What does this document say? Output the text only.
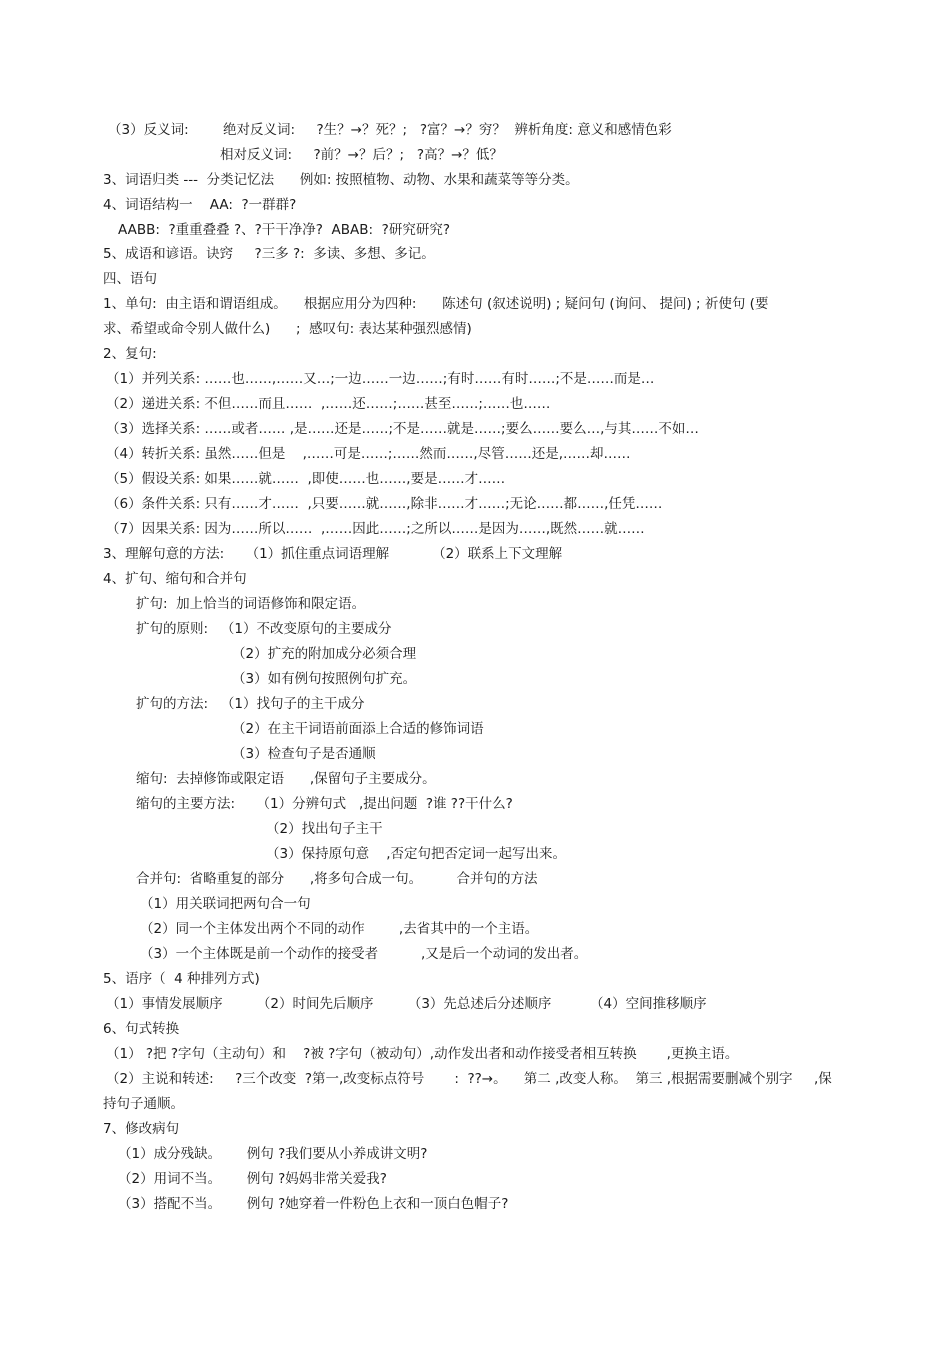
（3）反义词:        绝对反义词:     ?生？→？死？;   ?富？→？穷？  辨析角度: 意义和感情色彩
相对反义词:     ?前？→？后？;   ?高？→？低？
3、词语归类 ---  分类记忆法      例如: 按照植物、动物、水果和蔬菜等等分类。
4、词语结构一    AA:  ?一群群?
AABB:  ?重重叠叠 ?、?干干净净?  ABAB:  ?研究研究?
5、成语和谚语。诀窍     ?三多 ?:  多读、多想、多记。
四、语句
1、单句:  由主语和谓语组成。    根据应用分为四种:      陈述句 (叙述说明) ; 疑问句 (询问、 提问) ; 祈使句 (要
求、希望或命令别人做什么)      ;  感叹句: 表达某种强烈感情)
2、复句:
（1）并列关系: ……也……,……又…;一边……一边……;有时……有时……;不是……而是…
（2）递进关系: 不但……而且……  ,……还……;……甚至……;……也……
（3）选择关系: ……或者…… ,是……还是……;不是……就是……;要么……要么…,与其……不如…
（4）转折关系: 虽然……但是    ,……可是……;……然而……,尽管……还是,……却……
（5）假设关系: 如果……就……  ,即使……也……,要是……才……
（6）条件关系: 只有……才……  ,只要……就……,除非……才……;无论……都……,任凭……
（7）因果关系: 因为……所以……  ,……因此……;之所以……是因为……,既然……就……
3、理解句意的方法:     （1）抓住重点词语理解          （2）联系上下文理解
4、扩句、缩句和合并句
扩句:  加上恰当的词语修饰和限定语。
扩句的原则:   （1）不改变原句的主要成分
（2）扩充的附加成分必须合理
（3）如有例句按照例句扩充。
扩句的方法:   （1）找句子的主干成分
（2）在主干词语前面添上合适的修饰词语
（3）检查句子是否通顺
缩句:  去掉修饰或限定语      ,保留句子主要成分。
缩句的主要方法:     （1）分辨句式   ,提出问题  ?谁 ??干什么?
（2）找出句子主干
（3）保持原句意    ,否定句把否定词一起写出来。
合并句:  省略重复的部分      ,将多句合成一句。        合并句的方法
（1）用关联词把两句合一句
（2）同一个主体发出两个不同的动作        ,去省其中的一个主语。
（3）一个主体既是前一个动作的接受者          ,又是后一个动词的发出者。
5、语序（  4 种排列方式)
（1）事情发展顺序        （2）时间先后顺序        （3）先总述后分述顺序         （4）空间推移顺序
6、句式转换
（1） ?把 ?字句（主动句）和    ?被 ?字句（被动句）,动作发出者和动作接受者相互转换       ,更换主语。
（2）主说和转述:     ?三个改变  ?第一,改变标点符号       :  ??→。    第二 ,改变人称。  第三 ,根据需要删减个别字     ,保
持句子通顺。
7、修改病句
（1）成分残缺。      例句 ?我们要从小养成讲文明?
（2）用词不当。      例句 ?妈妈非常关爱我?
（3）搭配不当。      例句 ?她穿着一件粉色上衣和一顶白色帽子?
